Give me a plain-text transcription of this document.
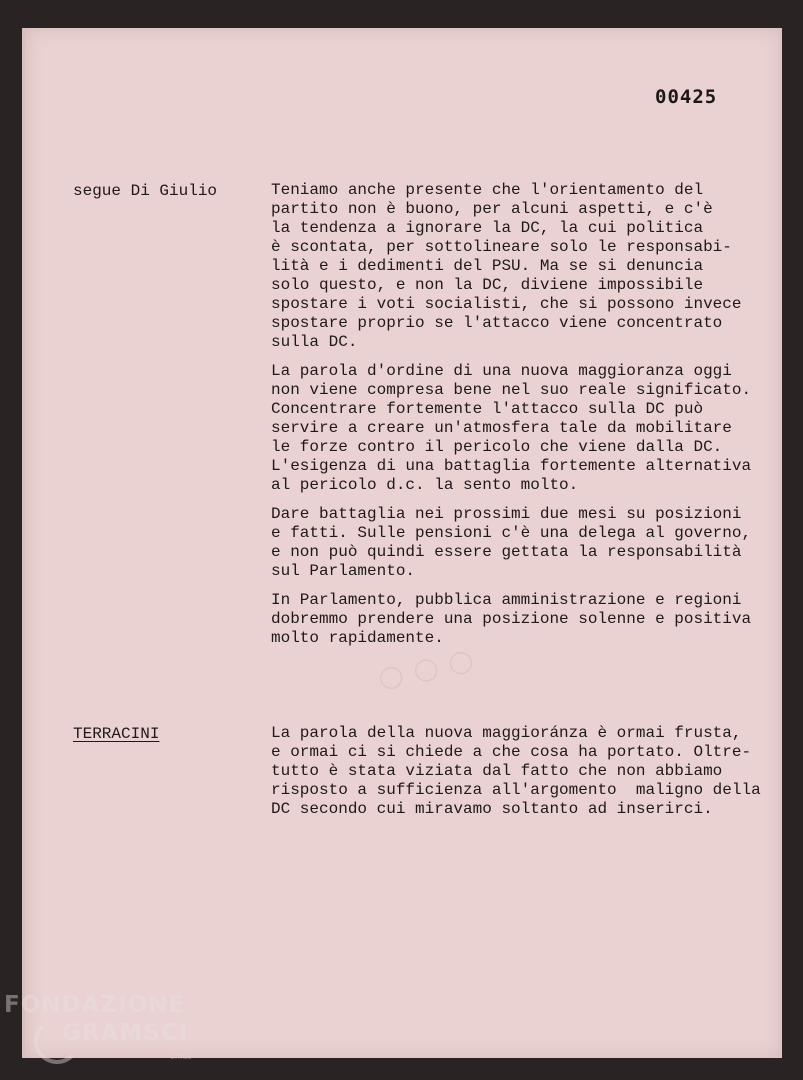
00425
segue Di Giulio	Teniamo anche presente che l'orientamento del

partito non è buono, per alcuni aspetti, e c'è

la tendenza a ignorare la DC, la cui politica

è scontata, per sottolineare solo le responsabi-

lità e i dedimenti del PSU. Ma se si denuncia

solo questo, e non la DC, diviene impossibile

spostare i voti socialisti, che si possono invece

spostare proprio se l'attacco viene concentrato

sulla DC.

La parola d'ordine di una nuova maggioranza oggi

non viene compresa bene nel suo reale significato.

Concentrare fortemente l'attacco sulla DC può

servire a creare un'atmosfera tale da mobilitare

le forze contro il pericolo che viene dalla DC.

L'esigenza di una battaglia fortemente alternativa

al pericolo d.c. la sento molto.

Dare battaglia nei prossimi due mesi su posizioni

e fatti. Sulle pensioni c'è una delega al governo,

e non può quindi essere gettata la responsabilità

sul Parlamento.

In Parlamento, pubblica amministrazione e regioni

dobremmo prendere una posizione solenne e positiva

molto rapidamente.

◯ ◯ ◯
TERRACINI	La parola della nuova maggioránza è ormai frusta,

e ormai ci si chiede a che cosa ha portato. Oltre-

tutto è stata viziata dal fatto che non abbiamo

risposto a sufficienza all'argomento  maligno della

DC secondo cui miravamo soltanto ad inserirci.

FONDAZIONE
GRAMSCI
onlus
